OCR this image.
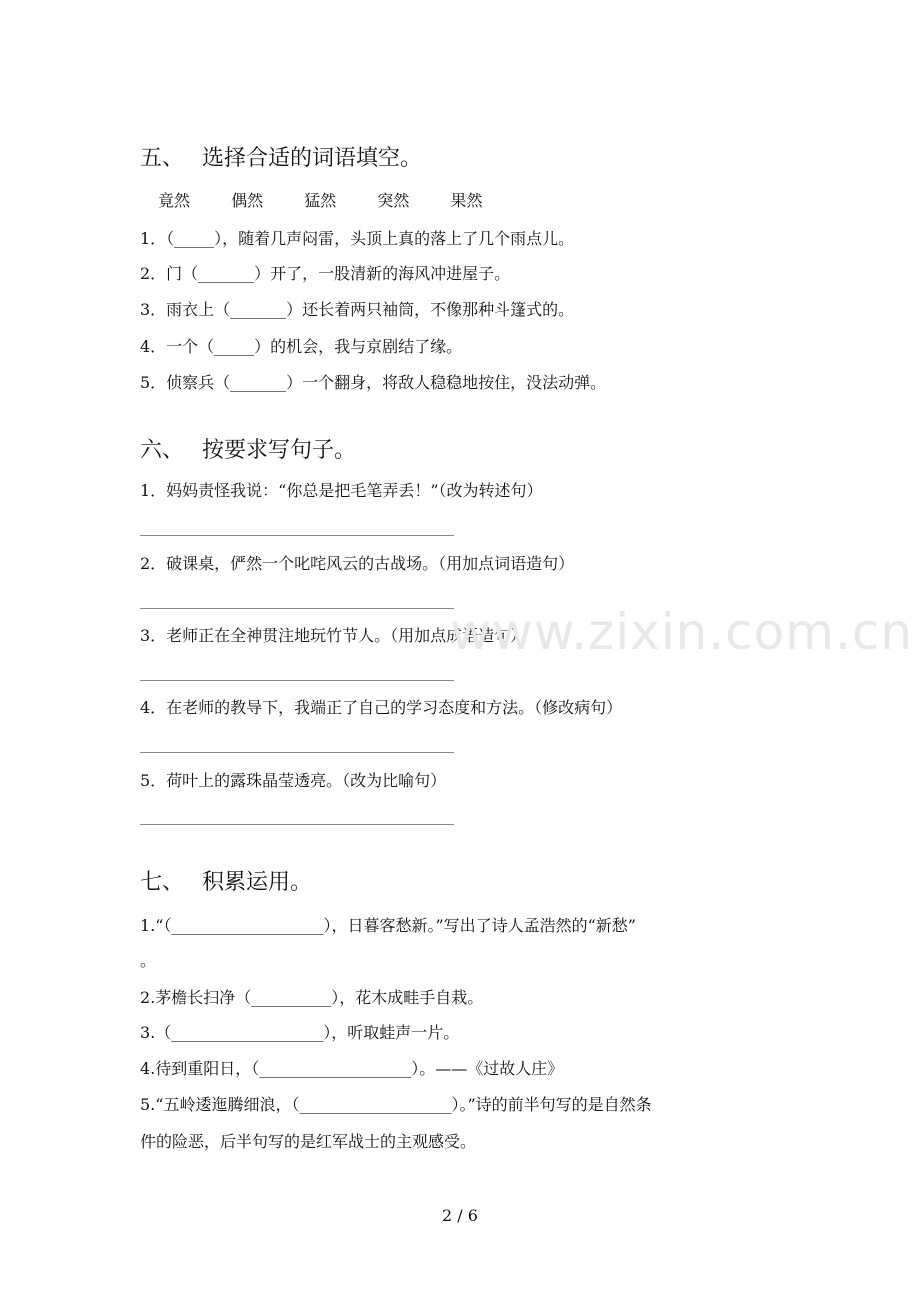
五、 选择合适的词语填空。
竟然	偶然	猛然	突然	果然
1．（_____），随着几声闷雷，头顶上真的落上了几个雨点儿。
2．门（_______）开了，一股清新的海风冲进屋子。
3．雨衣上（_______）还长着两只袖筒，不像那种斗篷式的。
4．一个（_____）的机会，我与京剧结了缘。
5．侦察兵（_______）一个翻身，将敌人稳稳地按住，没法动弹。
六、 按要求写句子。
1．妈妈责怪我说：“你总是把毛笔弄丢！”（改为转述句）
2．破课桌，俨然一个叱咤风云的古战场。（用加点词语造句）
3．老师正在全神贯注地玩竹节人。（用加点成语造句）
4．在老师的教导下，我端正了自己的学习态度和方法。（修改病句）
5．荷叶上的露珠晶莹透亮。（改为比喻句）
七、 积累运用。
1.“（___________________），日暮客愁新。”写出了诗人孟浩然的“新愁”
。
2.茅檐长扫净（__________），花木成畦手自栽。
3.（___________________），听取蛙声一片。
4.待到重阳日，（___________________）。——《过故人庄》
5.“五岭逶迤腾细浪，（___________________）。”诗的前半句写的是自然条
件的险恶，后半句写的是红军战士的主观感受。
www.zixin.com.cn
2 / 6
